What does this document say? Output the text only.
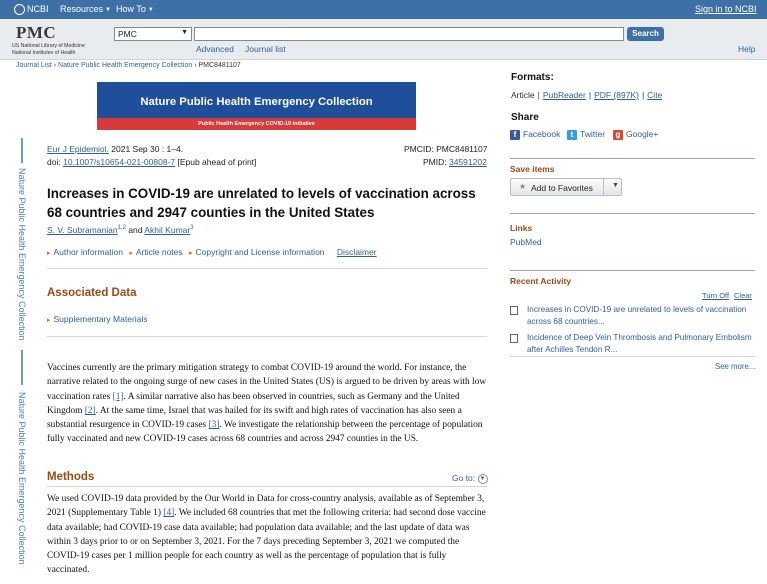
NCBI Resources ▼ How To ▼	Sign in to NCBI
PMC
US National Library of Medicine
National Institutes of Health
PMC	▼	Search
Advanced Journal list	Help
Journal List › Nature Public Health Emergency Collection › PMC8481107
Nature Public Health Emergency Collection
Nature Public Health Emergency Collection
Nature Public Health Emergency Collection
Public Health Emergency COVID-19 Initiative
Eur J Epidemiol. 2021 Sep 30 : 1–4.
doi: 10.1007/s10654-021-00808-7 [Epub ahead of print]
PMCID: PMC8481107
PMID: 34591202
Increases in COVID-19 are unrelated to levels of vaccination across 68 countries and 2947 counties in the United States
S. V. Subramanian$^{1,2}$ and Akhil Kumar$^3$
▸ Author information ▸ Article notes ▸ Copyright and License information Disclaimer
Associated Data
▸ Supplementary Materials
Vaccines currently are the primary mitigation strategy to combat COVID-19 around the world. For instance, the narrative related to the ongoing surge of new cases in the United States (US) is argued to be driven by areas with low vaccination rates [1]. A similar narrative also has been observed in countries, such as Germany and the United Kingdom [2]. At the same time, Israel that was hailed for its swift and high rates of vaccination has also seen a substantial resurgence in COVID-19 cases [3]. We investigate the relationship between the percentage of population fully vaccinated and new COVID-19 cases across 68 countries and across 2947 counties in the US.
Methods	Go to: ▼
We used COVID-19 data provided by the Our World in Data for cross-country analysis, available as of September 3, 2021 (Supplementary Table 1) [4]. We included 68 countries that met the following criteria: had second dose vaccine data available; had COVID-19 case data available; had population data available; and the last update of data was within 3 days prior to or on September 3, 2021. For the 7 days preceding September 3, 2021 we computed the COVID-19 cases per 1 million people for each country as well as the percentage of population that is fully vaccinated.
Formats:
Article | PubReader | PDF (897K) | Cite
Share
f Facebook	t Twitter	g Google+
Save items
★ Add to Favorites	▼
Links
PubMed
Recent Activity
Turn Off Clear
Increases in COVID-19 are unrelated to levels of vaccination across 68 countries...
Incidence of Deep Vein Thrombosis and Pulmonary Embolism after Achilles Tendon R...
See more...
